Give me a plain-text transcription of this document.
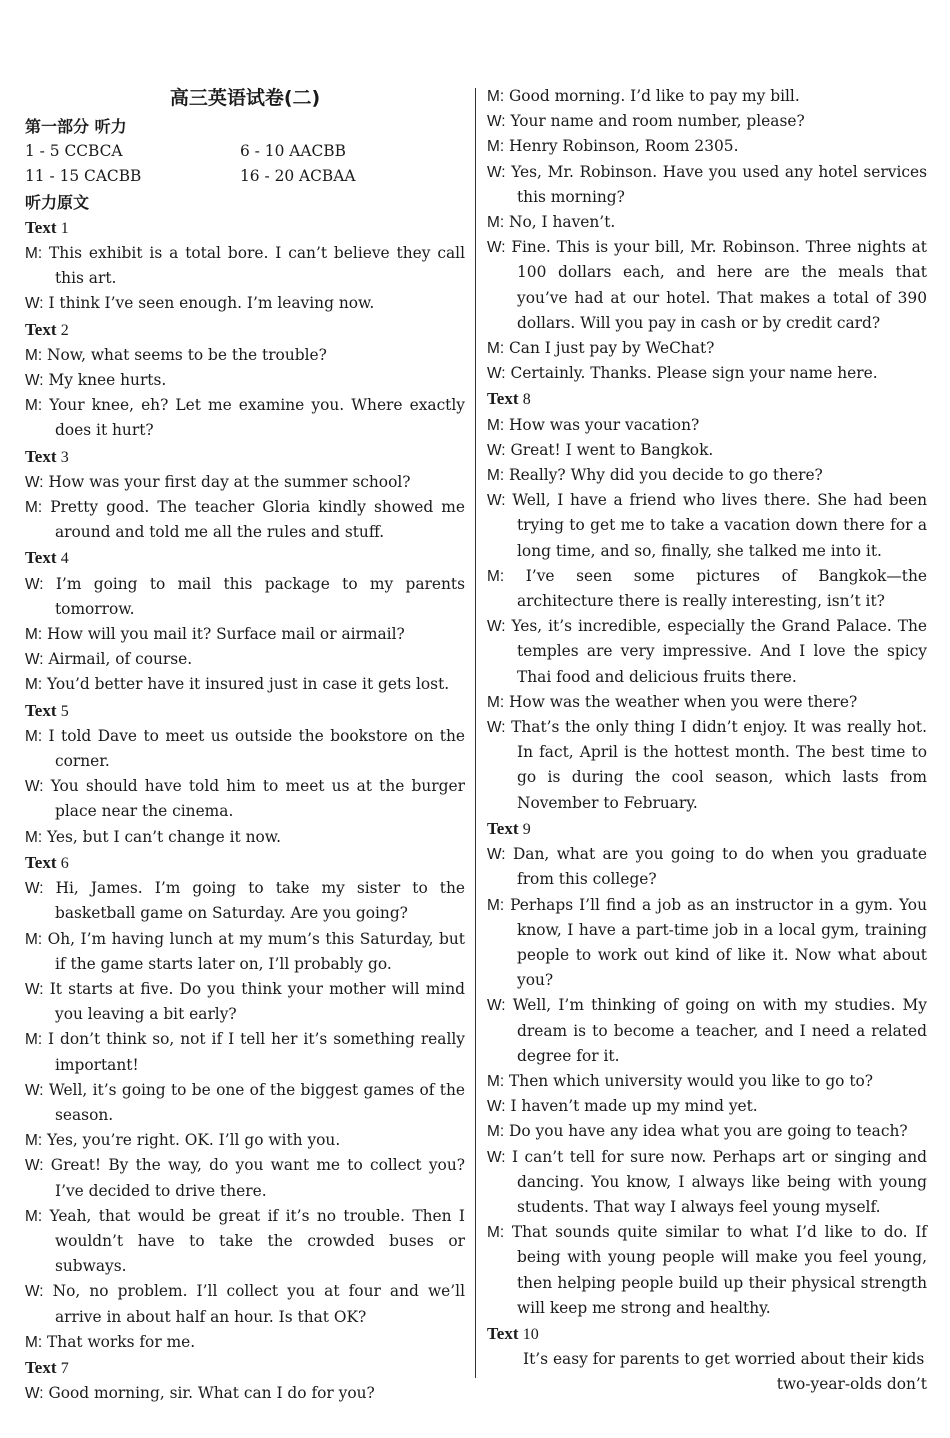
高三英语试卷(二)
第一部分 听力
1 - 5 CCBCA	6 - 10 AACBB
11 - 15 CACBB	16 - 20 ACBAA
听力原文
Text 1
M: This exhibit is a total bore. I can’t believe they call this art.
W: I think I’ve seen enough. I’m leaving now.
Text 2
M: Now, what seems to be the trouble?
W: My knee hurts.
M: Your knee, eh? Let me examine you. Where exactly does it hurt?
Text 3
W: How was your first day at the summer school?
M: Pretty good. The teacher Gloria kindly showed me around and told me all the rules and stuff.
Text 4
W: I’m going to mail this package to my parents tomorrow.
M: How will you mail it? Surface mail or airmail?
W: Airmail, of course.
M: You’d better have it insured just in case it gets lost.
Text 5
M: I told Dave to meet us outside the bookstore on the corner.
W: You should have told him to meet us at the burger place near the cinema.
M: Yes, but I can’t change it now.
Text 6
W: Hi, James. I’m going to take my sister to the basketball game on Saturday. Are you going?
M: Oh, I’m having lunch at my mum’s this Saturday, but if the game starts later on, I’ll probably go.
W: It starts at five. Do you think your mother will mind you leaving a bit early?
M: I don’t think so, not if I tell her it’s something really important!
W: Well, it’s going to be one of the biggest games of the season.
M: Yes, you’re right. OK. I’ll go with you.
W: Great! By the way, do you want me to collect you? I’ve decided to drive there.
M: Yeah, that would be great if it’s no trouble. Then I wouldn’t have to take the crowded buses or subways.
W: No, no problem. I’ll collect you at four and we’ll arrive in about half an hour. Is that OK?
M: That works for me.
Text 7
W: Good morning, sir. What can I do for you?
M: Good morning. I’d like to pay my bill.
W: Your name and room number, please?
M: Henry Robinson, Room 2305.
W: Yes, Mr. Robinson. Have you used any hotel services this morning?
M: No, I haven’t.
W: Fine. This is your bill, Mr. Robinson. Three nights at 100 dollars each, and here are the meals that you’ve had at our hotel. That makes a total of 390 dollars. Will you pay in cash or by credit card?
M: Can I just pay by WeChat?
W: Certainly. Thanks. Please sign your name here.
Text 8
M: How was your vacation?
W: Great! I went to Bangkok.
M: Really? Why did you decide to go there?
W: Well, I have a friend who lives there. She had been trying to get me to take a vacation down there for a long time, and so, finally, she talked me into it.
M: I’ve seen some pictures of Bangkok—the architecture there is really interesting, isn’t it?
W: Yes, it’s incredible, especially the Grand Palace. The temples are very impressive. And I love the spicy Thai food and delicious fruits there.
M: How was the weather when you were there?
W: That’s the only thing I didn’t enjoy. It was really hot. In fact, April is the hottest month. The best time to go is during the cool season, which lasts from November to February.
Text 9
W: Dan, what are you going to do when you graduate from this college?
M: Perhaps I’ll find a job as an instructor in a gym. You know, I have a part-time job in a local gym, training people to work out kind of like it. Now what about you?
W: Well, I’m thinking of going on with my studies. My dream is to become a teacher, and I need a related degree for it.
M: Then which university would you like to go to?
W: I haven’t made up my mind yet.
M: Do you have any idea what you are going to teach?
W: I can’t tell for sure now. Perhaps art or singing and dancing. You know, I always like being with young students. That way I always feel young myself.
M: That sounds quite similar to what I’d like to do. If being with young people will make you feel young, then helping people build up their physical strength will keep me strong and healthy.
Text 10
It’s easy for parents to get worried about their kids
two-year-olds don’t
